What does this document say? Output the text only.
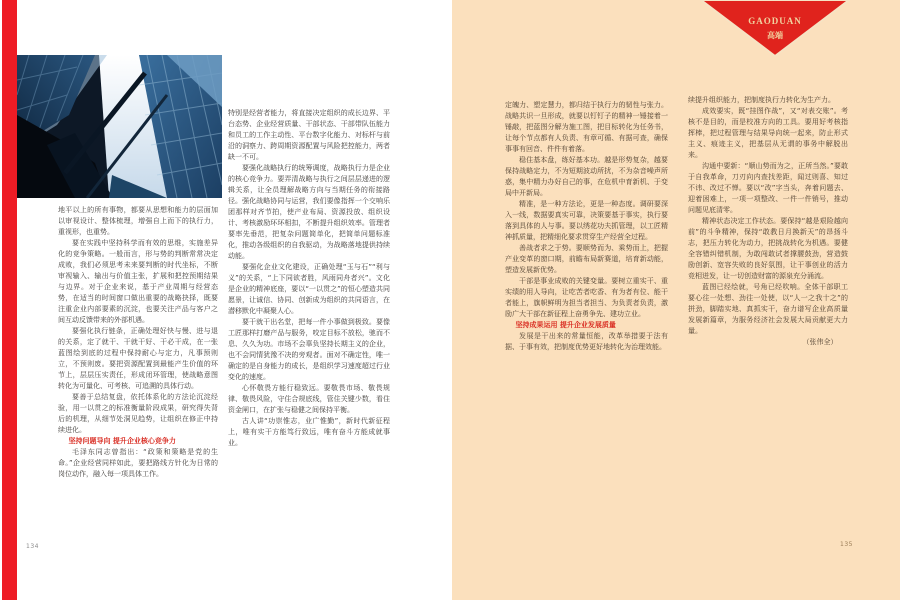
地平以上的所有事物，都要从思想和能力的层面加以审视设计、整体梳理，增强自上而下的执行力，重视形，也重势。

要在实践中坚持科学而有效的思维，实施差异化的竞争策略。一般而言，形与势的判断常常决定成败，我们必须思考未来要判断的时代坐标，不断审视输入、输出与价值主张，扩展和把控预期结果与边界。对于企业来说，基于产业周期与经营态势，在适当的时间窗口做出重要的战略抉择，既要注重企业内部要素的沉淀，也要关注产品与客户之间互动反馈带来的外部机遇。

要强化执行链条，正确处理好快与慢、进与退的关系，定了就干、干就干好、干必干成，在一张蓝图绘到底的过程中保持耐心与定力，凡事预则立，不预则废。要把资源配置到最能产生价值的环节上，层层压实责任，形成闭环管理，使战略意图转化为可量化、可考核、可追溯的具体行动。

要善于总结复盘，依托体系化的方法论沉淀经验，用一以贯之的标准衡量阶段成果，研究得失背后的机理，从细节处洞见趋势，让组织在修正中持续进化。

坚持问题导向 提升企业核心竞争力

毛泽东同志曾指出：“政策和策略是党的生命。”企业经营同样如此，要把路线方针化为日常的岗位动作，融入每一项具体工作。

特别是经营者能力，将直接决定组织的成长边界、平台态势、企业经营质量、干部状态、干部带队伍能力和员工的工作主动性、平台数字化能力、对标杆与前沿的洞察力、跨周期资源配置与风险把控能力，两者缺一不可。

要强化战略执行的统筹调度，战略执行力是企业的核心竞争力。要弄清战略与执行之间层层递进的逻辑关系，让全员理解战略方向与当期任务的衔接路径。强化战略协同与运营，我们要像指挥一个交响乐团那样对齐节拍，使产业布局、资源投放、组织设计、考核激励环环相扣，不断提升组织效率。管理者要率先垂范，把复杂问题简单化，把简单问题标准化，推动各级组织的自我驱动，为战略落地提供持续动能。

要强化企业文化建设，正确处理“玉与石”“利与义”的关系，“上下同欲者胜，风雨同舟者兴”。文化是企业的精神底座，要以“一以贯之”的恒心塑造共同愿景，让诚信、协同、创新成为组织的共同语言，在潜移默化中凝聚人心。

要干就干出名堂，把每一件小事做到极致。要像工匠那样打磨产品与服务，咬定目标不放松，驰而不息、久久为功。市场不会辜负坚持长期主义的企业，也不会同情犹豫不决的旁观者。面对不确定性，唯一确定的是自身能力的成长，是组织学习速度超过行业变化的速度。

心怀敬畏方能行稳致远。要敬畏市场、敬畏规律、敬畏风险，守住合规底线，管住关键少数，看住资金闸口，在扩张与稳健之间保持平衡。

古人讲“功崇惟志，业广惟勤”，新时代新征程上，唯有实干方能笃行致远，唯有奋斗方能成就事业。

134
GAODUAN
高端

定魄力、塑定慧力，都归结于执行力的韧性与张力。战略共识一旦形成，就要以钉钉子的精神一锤接着一锤敲，把蓝图分解为施工图，把目标转化为任务书，让每个节点都有人负责、有章可循、有据可查，确保事事有回音、件件有着落。

稳住基本盘，练好基本功。越是形势复杂，越要保持战略定力，不为短期波动所扰，不为杂音噪声所惑，集中精力办好自己的事，在危机中育新机、于变局中开新局。

精准，是一种方法论，更是一种态度。调研要深入一线，数据要真实可靠，决策要基于事实，执行要落到具体的人与事。要以绣花功夫抓管理，以工匠精神抓质量，把精细化要求贯穿生产经营全过程。

善战者求之于势。要顺势而为、乘势而上，把握产业变革的窗口期，前瞻布局新赛道，培育新动能，塑造发展新优势。

干部是事业成败的关键变量。要树立重实干、重实绩的用人导向，让吃苦者吃香、有为者有位、能干者能上，旗帜鲜明为担当者担当、为负责者负责，激励广大干部在新征程上奋勇争先、建功立业。

坚持成果运用 提升企业发展质量

发展是干出来的常量恒能，改革举措要于法有据、于事有效，把制度优势更好地转化为治理效能。

续提升组织能力，把制度执行力转化为生产力。

成效要实，既“挂图作战”，又“对表交账”。考核不是目的，而是校准方向的工具。要用好考核指挥棒，把过程管理与结果导向统一起来，防止形式主义、痕迹主义，把基层从无谓的事务中解脱出来。

沟通中要新：“顺山势而为之，正所当然。”要敢于自我革命，刀刃向内查找差距，闻过则喜、知过不讳、改过不惮。要以“改”字当头，奔着问题去、迎着困难上，一项一项整改、一件一件销号，推动问题见底清零。

精神状态决定工作状态。要保持“越是艰险越向前”的斗争精神，保持“敢教日月换新天”的昂扬斗志，把压力转化为动力，把挑战转化为机遇。要健全容错纠错机制，为敢闯敢试者撑腰鼓劲，营造鼓励创新、宽容失败的良好氛围，让干事创业的活力竞相迸发，让一切创造财富的源泉充分涌流。

蓝图已经绘就，号角已经吹响。全体干部职工要心往一处想、劲往一处使，以“人一之我十之”的拼劲，脚踏实地、真抓实干，奋力谱写企业高质量发展新篇章，为服务经济社会发展大局贡献更大力量。

（张伟全）

135
